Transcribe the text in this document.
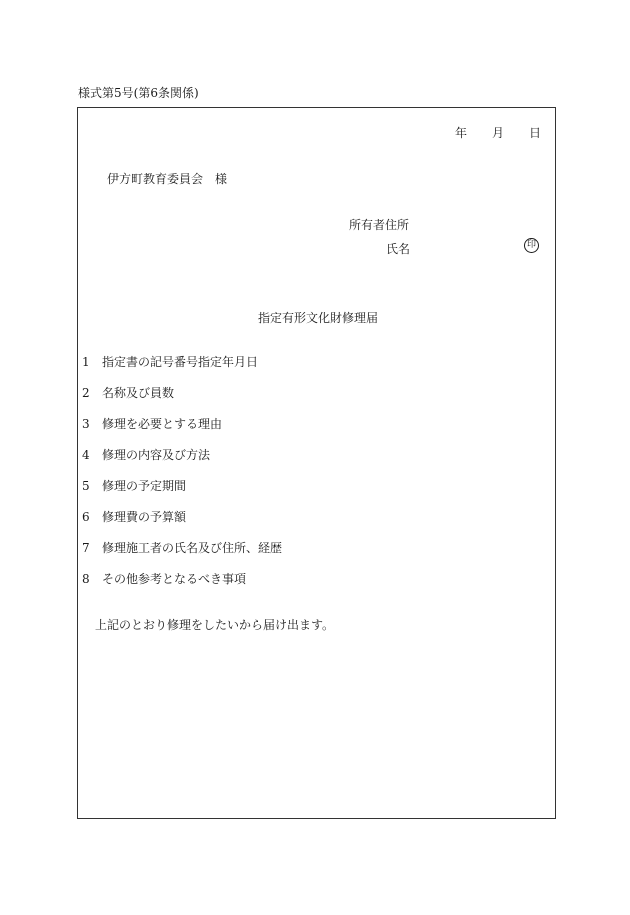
様式第5号(第6条関係)
年 月 日
伊方町教育委員会　様
所有者住所
氏名	印
指定有形文化財修理届
1 指定書の記号番号指定年月日
2 名称及び員数
3 修理を必要とする理由
4 修理の内容及び方法
5 修理の予定期間
6 修理費の予算額
7 修理施工者の氏名及び住所、経歴
8 その他参考となるべき事項
上記のとおり修理をしたいから届け出ます。
